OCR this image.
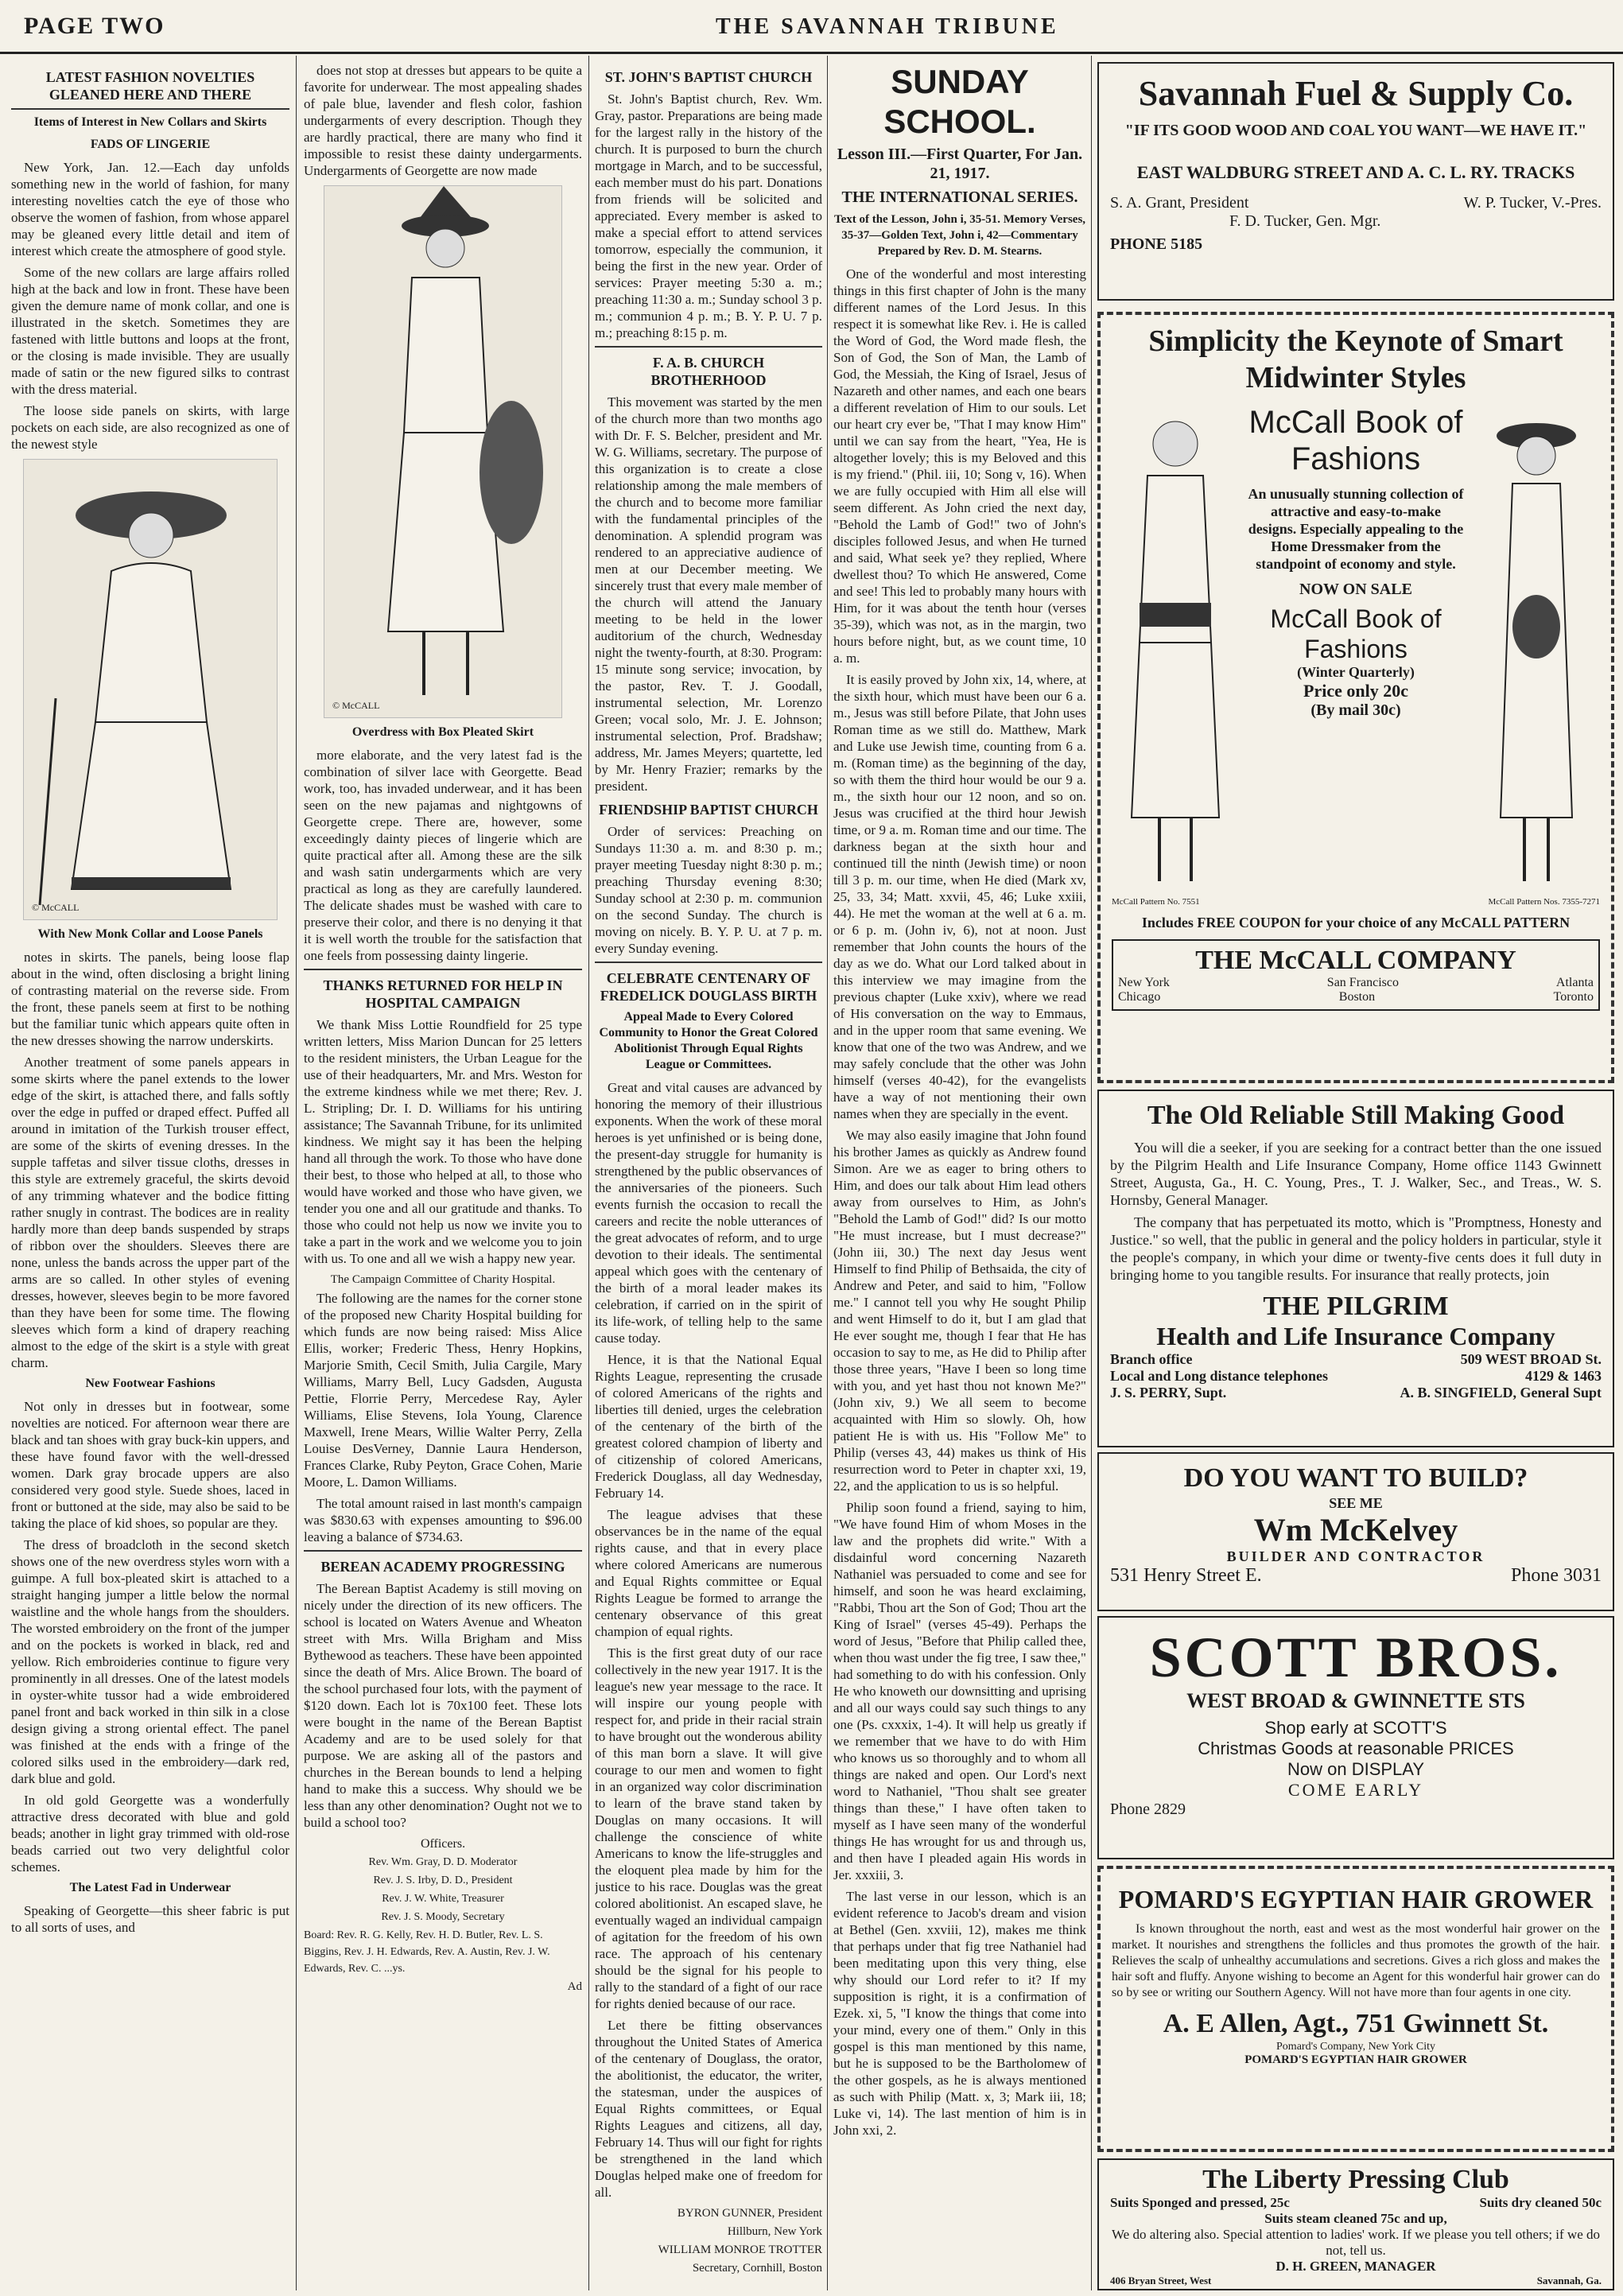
PAGE TWO	THE SAVANNAH TRIBUNE
LATEST FASHION NOVELTIES GLEANED HERE AND THERE
Items of Interest in New Collars and Skirts
FADS OF LINGERIE

New York, Jan. 12.—Each day unfolds something new in the world of fashion, for many interesting novelties catch the eye of those who observe the women of fashion, from whose apparel may be gleaned every little detail and item of interest which create the atmosphere of good style.

Some of the new collars are large affairs rolled high at the back and low in front. These have been given the demure name of monk collar, and one is illustrated in the sketch. Sometimes they are fastened with little buttons and loops at the front, or the closing is made invisible. They are usually made of satin or the new figured silks to contrast with the dress material.

The loose side panels on skirts, with large pockets on each side, are also recognized as one of the newest style

© McCALL
With New Monk Collar and Loose Panels

notes in skirts. The panels, being loose flap about in the wind, often disclosing a bright lining of contrasting material on the reverse side. From the front, these panels seem at first to be nothing but the familiar tunic which appears quite often in the new dresses showing the narrow underskirts.

Another treatment of some panels appears in some skirts where the panel extends to the lower edge of the skirt, is attached there, and falls softly over the edge in puffed or draped effect. Puffed all around in imitation of the Turkish trouser effect, are some of the skirts of evening dresses. In the supple taffetas and silver tissue cloths, dresses in this style are extremely graceful, the skirts devoid of any trimming whatever and the bodice fitting rather snugly in contrast. The bodices are in reality hardly more than deep bands suspended by straps of ribbon over the shoulders. Sleeves there are none, unless the bands across the upper part of the arms are so called. In other styles of evening dresses, however, sleeves begin to be more favored than they have been for some time. The flowing sleeves which form a kind of drapery reaching almost to the edge of the skirt is a style with great charm.

New Footwear Fashions

Not only in dresses but in footwear, some novelties are noticed. For afternoon wear there are black and tan shoes with gray buck-kin uppers, and these have found favor with the well-dressed women. Dark gray brocade uppers are also considered very good style. Suede shoes, laced in front or buttoned at the side, may also be said to be taking the place of kid shoes, so popular are they.

The dress of broadcloth in the second sketch shows one of the new overdress styles worn with a guimpe. A full box-pleated skirt is attached to a straight hanging jumper a little below the normal waistline and the whole hangs from the shoulders. The worsted embroidery on the front of the jumper and on the pockets is worked in black, red and yellow. Rich embroideries continue to figure very prominently in all dresses. One of the latest models in oyster-white tussor had a wide embroidered panel front and back worked in thin silk in a close design giving a strong oriental effect. The panel was finished at the ends with a fringe of the colored silks used in the embroidery—dark red, dark blue and gold.

In old gold Georgette was a wonderfully attractive dress decorated with blue and gold beads; another in light gray trimmed with old-rose beads carried out two very delightful color schemes.

The Latest Fad in Underwear

Speaking of Georgette—this sheer fabric is put to all sorts of uses, and

does not stop at dresses but appears to be quite a favorite for underwear. The most appealing shades of pale blue, lavender and flesh color, fashion undergarments of every description. Though they are hardly practical, there are many who find it impossible to resist these dainty undergarments. Undergarments of Georgette are now made

© McCALL
Overdress with Box Pleated Skirt

more elaborate, and the very latest fad is the combination of silver lace with Georgette. Bead work, too, has invaded underwear, and it has been seen on the new pajamas and nightgowns of Georgette crepe. There are, however, some exceedingly dainty pieces of lingerie which are quite practical after all. Among these are the silk and wash satin undergarments which are very practical as long as they are carefully laundered. The delicate shades must be washed with care to preserve their color, and there is no denying it that it is well worth the trouble for the satisfaction that one feels from possessing dainty lingerie.

THANKS RETURNED FOR HELP IN HOSPITAL CAMPAIGN

We thank Miss Lottie Roundfield for 25 type written letters, Miss Marion Duncan for 25 letters to the resident ministers, the Urban League for the use of their headquarters, Mr. and Mrs. Weston for the extreme kindness while we met there; Rev. J. L. Stripling; Dr. I. D. Williams for his untiring assistance; The Savannah Tribune, for its unlimited kindness. We might say it has been the helping hand all through the work. To those who have done their best, to those who helped at all, to those who would have worked and those who have given, we tender you one and all our gratitude and thanks. To those who could not help us now we invite you to take a part in the work and we welcome you to join with us. To one and all we wish a happy new year.

The Campaign Committee of Charity Hospital.

The following are the names for the corner stone of the proposed new Charity Hospital building for which funds are now being raised: Miss Alice Ellis, worker; Frederic Thess, Henry Hopkins, Marjorie Smith, Cecil Smith, Julia Cargile, Mary Williams, Marry Bell, Lucy Gadsden, Augusta Pettie, Florrie Perry, Mercedese Ray, Ayler Williams, Elise Stevens, Iola Young, Clarence Maxwell, Irene Mears, Willie Walter Perry, Zella Louise DesVerney, Dannie Laura Henderson, Frances Clarke, Ruby Peyton, Grace Cohen, Marie Moore, L. Damon Williams.

The total amount raised in last month's campaign was $830.63 with expenses amounting to $96.00 leaving a balance of $734.63.

BEREAN ACADEMY PROGRESSING

The Berean Baptist Academy is still moving on nicely under the direction of its new officers. The school is located on Waters Avenue and Wheaton street with Mrs. Willa Brigham and Miss Bythewood as teachers. These have been appointed since the death of Mrs. Alice Brown. The board of the school purchased four lots, with the payment of $120 down. Each lot is 70x100 feet. These lots were bought in the name of the Berean Baptist Academy and are to be used solely for that purpose. We are asking all of the pastors and churches in the Berean bounds to lend a helping hand to make this a success. Why should we be less than any other denomination? Ought not we to build a school too?

Officers.
Rev. Wm. Gray, D. D. Moderator
Rev. J. S. Irby, D. D., President
Rev. J. W. White, Treasurer
Rev. J. S. Moody, Secretary
Board: Rev. R. G. Kelly, Rev. H. D. Butler, Rev. L. S. Biggins, Rev. J. H. Edwards, Rev. A. Austin, Rev. J. W. Edwards, Rev. C. ...ys.
Ad
ST. JOHN'S BAPTIST CHURCH

St. John's Baptist church, Rev. Wm. Gray, pastor. Preparations are being made for the largest rally in the history of the church. It is purposed to burn the church mortgage in March, and to be successful, each member must do his part. Donations from friends will be solicited and appreciated. Every member is asked to make a special effort to attend services tomorrow, especially the communion, it being the first in the new year. Order of services: Prayer meeting 5:30 a. m.; preaching 11:30 a. m.; Sunday school 3 p. m.; communion 4 p. m.; B. Y. P. U. 7 p. m.; preaching 8:15 p. m.

F. A. B. CHURCH BROTHERHOOD

This movement was started by the men of the church more than two months ago with Dr. F. S. Belcher, president and Mr. W. G. Williams, secretary. The purpose of this organization is to create a close relationship among the male members of the church and to become more familiar with the fundamental principles of the denomination. A splendid program was rendered to an appreciative audience of men at our December meeting. We sincerely trust that every male member of the church will attend the January meeting to be held in the lower auditorium of the church, Wednesday night the twenty-fourth, at 8:30. Program: 15 minute song service; invocation, by the pastor, Rev. T. J. Goodall, instrumental selection, Mr. Lorenzo Green; vocal solo, Mr. J. E. Johnson; instrumental selection, Prof. Bradshaw; address, Mr. James Meyers; quartette, led by Mr. Henry Frazier; remarks by the president.

FRIENDSHIP BAPTIST CHURCH

Order of services: Preaching on Sundays 11:30 a. m. and 8:30 p. m.; prayer meeting Tuesday night 8:30 p. m.; preaching Thursday evening 8:30; Sunday school at 2:30 p. m. communion on the second Sunday. The church is moving on nicely. B. Y. P. U. at 7 p. m. every Sunday evening.

CELEBRATE CENTENARY OF FREDELICK DOUGLASS BIRTH
Appeal Made to Every Colored Community to Honor the Great Colored Abolitionist Through Equal Rights League or Committees.

Great and vital causes are advanced by honoring the memory of their illustrious exponents. When the work of these moral heroes is yet unfinished or is being done, the present-day struggle for humanity is strengthened by the public observances of the anniversaries of the pioneers. Such events furnish the occasion to recall the careers and recite the noble utterances of the great advocates of reform, and to urge devotion to their ideals. The sentimental appeal which goes with the centenary of the birth of a moral leader makes its celebration, if carried on in the spirit of its life-work, of telling help to the same cause today.

Hence, it is that the National Equal Rights League, representing the crusade of colored Americans of the rights and liberties till denied, urges the celebration of the centenary of the birth of the greatest colored champion of liberty and of citizenship of colored Americans, Frederick Douglass, all day Wednesday, February 14.

The league advises that these observances be in the name of the equal rights cause, and that in every place where colored Americans are numerous and Equal Rights committee or Equal Rights League be formed to arrange the centenary observance of this great champion of equal rights.

This is the first great duty of our race collectively in the new year 1917. It is the league's new year message to the race. It will inspire our young people with respect for, and pride in their racial strain to have brought out the wonderous ability of this man born a slave. It will give courage to our men and women to fight in an organized way color discrimination to learn of the brave stand taken by Douglas on many occasions. It will challenge the conscience of white Americans to know the life-struggles and the eloquent plea made by him for the justice to his race. Douglas was the great colored abolitionist. An escaped slave, he eventually waged an individual campaign of agitation for the freedom of his own race. The approach of his centenary should be the signal for his people to rally to the standard of a fight of our race for rights denied because of our race.

Let there be fitting observances throughout the United States of America of the centenary of Douglass, the orator, the abolitionist, the educator, the writer, the statesman, under the auspices of Equal Rights committees, or Equal Rights Leagues and citizens, all day, February 14. Thus will our fight for rights be strengthened in the land which Douglas helped make one of freedom for all.

BYRON GUNNER, President
Hillburn, New York
WILLIAM MONROE TROTTER
Secretary, Cornhill, Boston
SUNDAY SCHOOL.
Lesson III.—First Quarter, For Jan. 21, 1917.
THE INTERNATIONAL SERIES.
Text of the Lesson, John i, 35-51. Memory Verses, 35-37—Golden Text, John i, 42—Commentary Prepared by Rev. D. M. Stearns.

One of the wonderful and most interesting things in this first chapter of John is the many different names of the Lord Jesus. In this respect it is somewhat like Rev. i. He is called the Word of God, the Word made flesh, the Son of God, the Son of Man, the Lamb of God, the Messiah, the King of Israel, Jesus of Nazareth and other names, and each one bears a different revelation of Him to our souls. Let our heart cry ever be, "That I may know Him" until we can say from the heart, "Yea, He is altogether lovely; this is my Beloved and this is my friend." (Phil. iii, 10; Song v, 16). When we are fully occupied with Him all else will seem different. As John cried the next day, "Behold the Lamb of God!" two of John's disciples followed Jesus, and when He turned and said, What seek ye? they replied, Where dwellest thou? To which He answered, Come and see! This led to probably many hours with Him, for it was about the tenth hour (verses 35-39), which was not, as in the margin, two hours before night, but, as we count time, 10 a. m.

It is easily proved by John xix, 14, where, at the sixth hour, which must have been our 6 a. m., Jesus was still before Pilate, that John uses Roman time as we still do. Matthew, Mark and Luke use Jewish time, counting from 6 a. m. (Roman time) as the beginning of the day, so with them the third hour would be our 9 a. m., the sixth hour our 12 noon, and so on. Jesus was crucified at the third hour Jewish time, or 9 a. m. Roman time and our time. The darkness began at the sixth hour and continued till the ninth (Jewish time) or noon till 3 p. m. our time, when He died (Mark xv, 25, 33, 34; Matt. xxvii, 45, 46; Luke xxiii, 44). He met the woman at the well at 6 a. m. or 6 p. m. (John iv, 6), not at noon. Just remember that John counts the hours of the day as we do. What our Lord talked about in this interview we may imagine from the previous chapter (Luke xxiv), where we read of His conversation on the way to Emmaus, and in the upper room that same evening. We know that one of the two was Andrew, and we may safely conclude that the other was John himself (verses 40-42), for the evangelists have a way of not mentioning their own names when they are specially in the event.

We may also easily imagine that John found his brother James as quickly as Andrew found Simon. Are we as eager to bring others to Him, and does our talk about Him lead others away from ourselves to Him, as John's "Behold the Lamb of God!" did? Is our motto "He must increase, but I must decrease?" (John iii, 30.) The next day Jesus went Himself to find Philip of Bethsaida, the city of Andrew and Peter, and said to him, "Follow me." I cannot tell you why He sought Philip and went Himself to do it, but I am glad that He ever sought me, though I fear that He has occasion to say to me, as He did to Philip after those three years, "Have I been so long time with you, and yet hast thou not known Me?" (John xiv, 9.) We all seem to become acquainted with Him so slowly. Oh, how patient He is with us. His "Follow Me" to Philip (verses 43, 44) makes us think of His resurrection word to Peter in chapter xxi, 19, 22, and the application to us is so helpful.

Philip soon found a friend, saying to him, "We have found Him of whom Moses in the law and the prophets did write." With a disdainful word concerning Nazareth Nathaniel was persuaded to come and see for himself, and soon he was heard exclaiming, "Rabbi, Thou art the Son of God; Thou art the King of Israel" (verses 45-49). Perhaps the word of Jesus, "Before that Philip called thee, when thou wast under the fig tree, I saw thee," had something to do with his confession. Only He who knoweth our downsitting and uprising and all our ways could say such things to any one (Ps. cxxxix, 1-4). It will help us greatly if we remember that we have to do with Him who knows us so thoroughly and to whom all things are naked and open. Our Lord's next word to Nathaniel, "Thou shalt see greater things than these," I have often taken to myself as I have seen many of the wonderful things He has wrought for us and through us, and then have I pleaded again His words in Jer. xxxiii, 3.

The last verse in our lesson, which is an evident reference to Jacob's dream and vision at Bethel (Gen. xxviii, 12), makes me think that perhaps under that fig tree Nathaniel had been meditating upon this very thing, else why should our Lord refer to it? If my supposition is right, it is a confirmation of Ezek. xi, 5, "I know the things that come into your mind, every one of them." Only in this gospel is this man mentioned by this name, but he is supposed to be the Bartholomew of the other gospels, as he is always mentioned as such with Philip (Matt. x, 3; Mark iii, 18; Luke vi, 14). The last mention of him is in John xxi, 2.

Savannah Fuel & Supply Co.
"IF ITS GOOD WOOD AND COAL YOU WANT—WE HAVE IT."
EAST WALDBURG STREET AND A. C. L. RY. TRACKS
S. A. Grant, President	W. P. Tucker, V.-Pres.
F. D. Tucker, Gen. Mgr.
PHONE 5185
Simplicity the Keynote of Smart Midwinter Styles
McCall Book of Fashions
An unusually stunning collection of attractive and easy-to-make designs. Especially appealing to the Home Dressmaker from the standpoint of economy and style.
NOW ON SALE
McCall Book of Fashions
(Winter Quarterly)
Price only 20c
(By mail 30c)
McCall Pattern No. 7551	McCall Pattern Nos. 7355-7271
Includes FREE COUPON for your choice of any McCALL PATTERN
THE McCALL COMPANY
New York	San Francisco	Atlanta
Chicago	Boston	Toronto
The Old Reliable Still Making Good

You will die a seeker, if you are seeking for a contract better than the one issued by the Pilgrim Health and Life Insurance Company, Home office 1143 Gwinnett Street, Augusta, Ga., H. C. Young, Pres., T. J. Walker, Sec., and Treas., W. S. Hornsby, General Manager.

The company that has perpetuated its motto, which is "Promptness, Honesty and Justice." so well, that the public in general and the policy holders in particular, style it the people's company, in which your dime or twenty-five cents does it full duty in bringing home to you tangible results. For insurance that really protects, join

THE PILGRIM
Health and Life Insurance Company
Branch office	509 WEST BROAD St.
Local and Long distance telephones	4129 & 1463
J. S. PERRY, Supt.	A. B. SINGFIELD, General Supt
DO YOU WANT TO BUILD?
SEE ME
Wm McKelvey
BUILDER AND CONTRACTOR
531 Henry Street E.	Phone 3031
SCOTT BROS.
WEST BROAD & GWINNETTE STS
Shop early at SCOTT'S
Christmas Goods at reasonable PRICES
Now on DISPLAY
COME EARLY
Phone 2829
POMARD'S EGYPTIAN HAIR GROWER

Is known throughout the north, east and west as the most wonderful hair grower on the market. It nourishes and strengthens the follicles and thus promotes the growth of the hair. Relieves the scalp of unhealthy accumulations and secretions. Gives a rich gloss and makes the hair soft and fluffy. Anyone wishing to become an Agent for this wonderful hair grower can do so by see or writing our Southern Agency. Will not have more than four agents in one city.

A. E Allen, Agt., 751 Gwinnett St.
Pomard's Company, New York City
POMARD'S EGYPTIAN HAIR GROWER
The Liberty Pressing Club
Suits Sponged and pressed, 25c	Suits dry cleaned 50c
Suits steam cleaned 75c and up,
We do altering also. Special attention to ladies' work. If we please you tell others; if we do not, tell us.
D. H. GREEN, MANAGER
406 Bryan Street, West	Savannah, Ga.
